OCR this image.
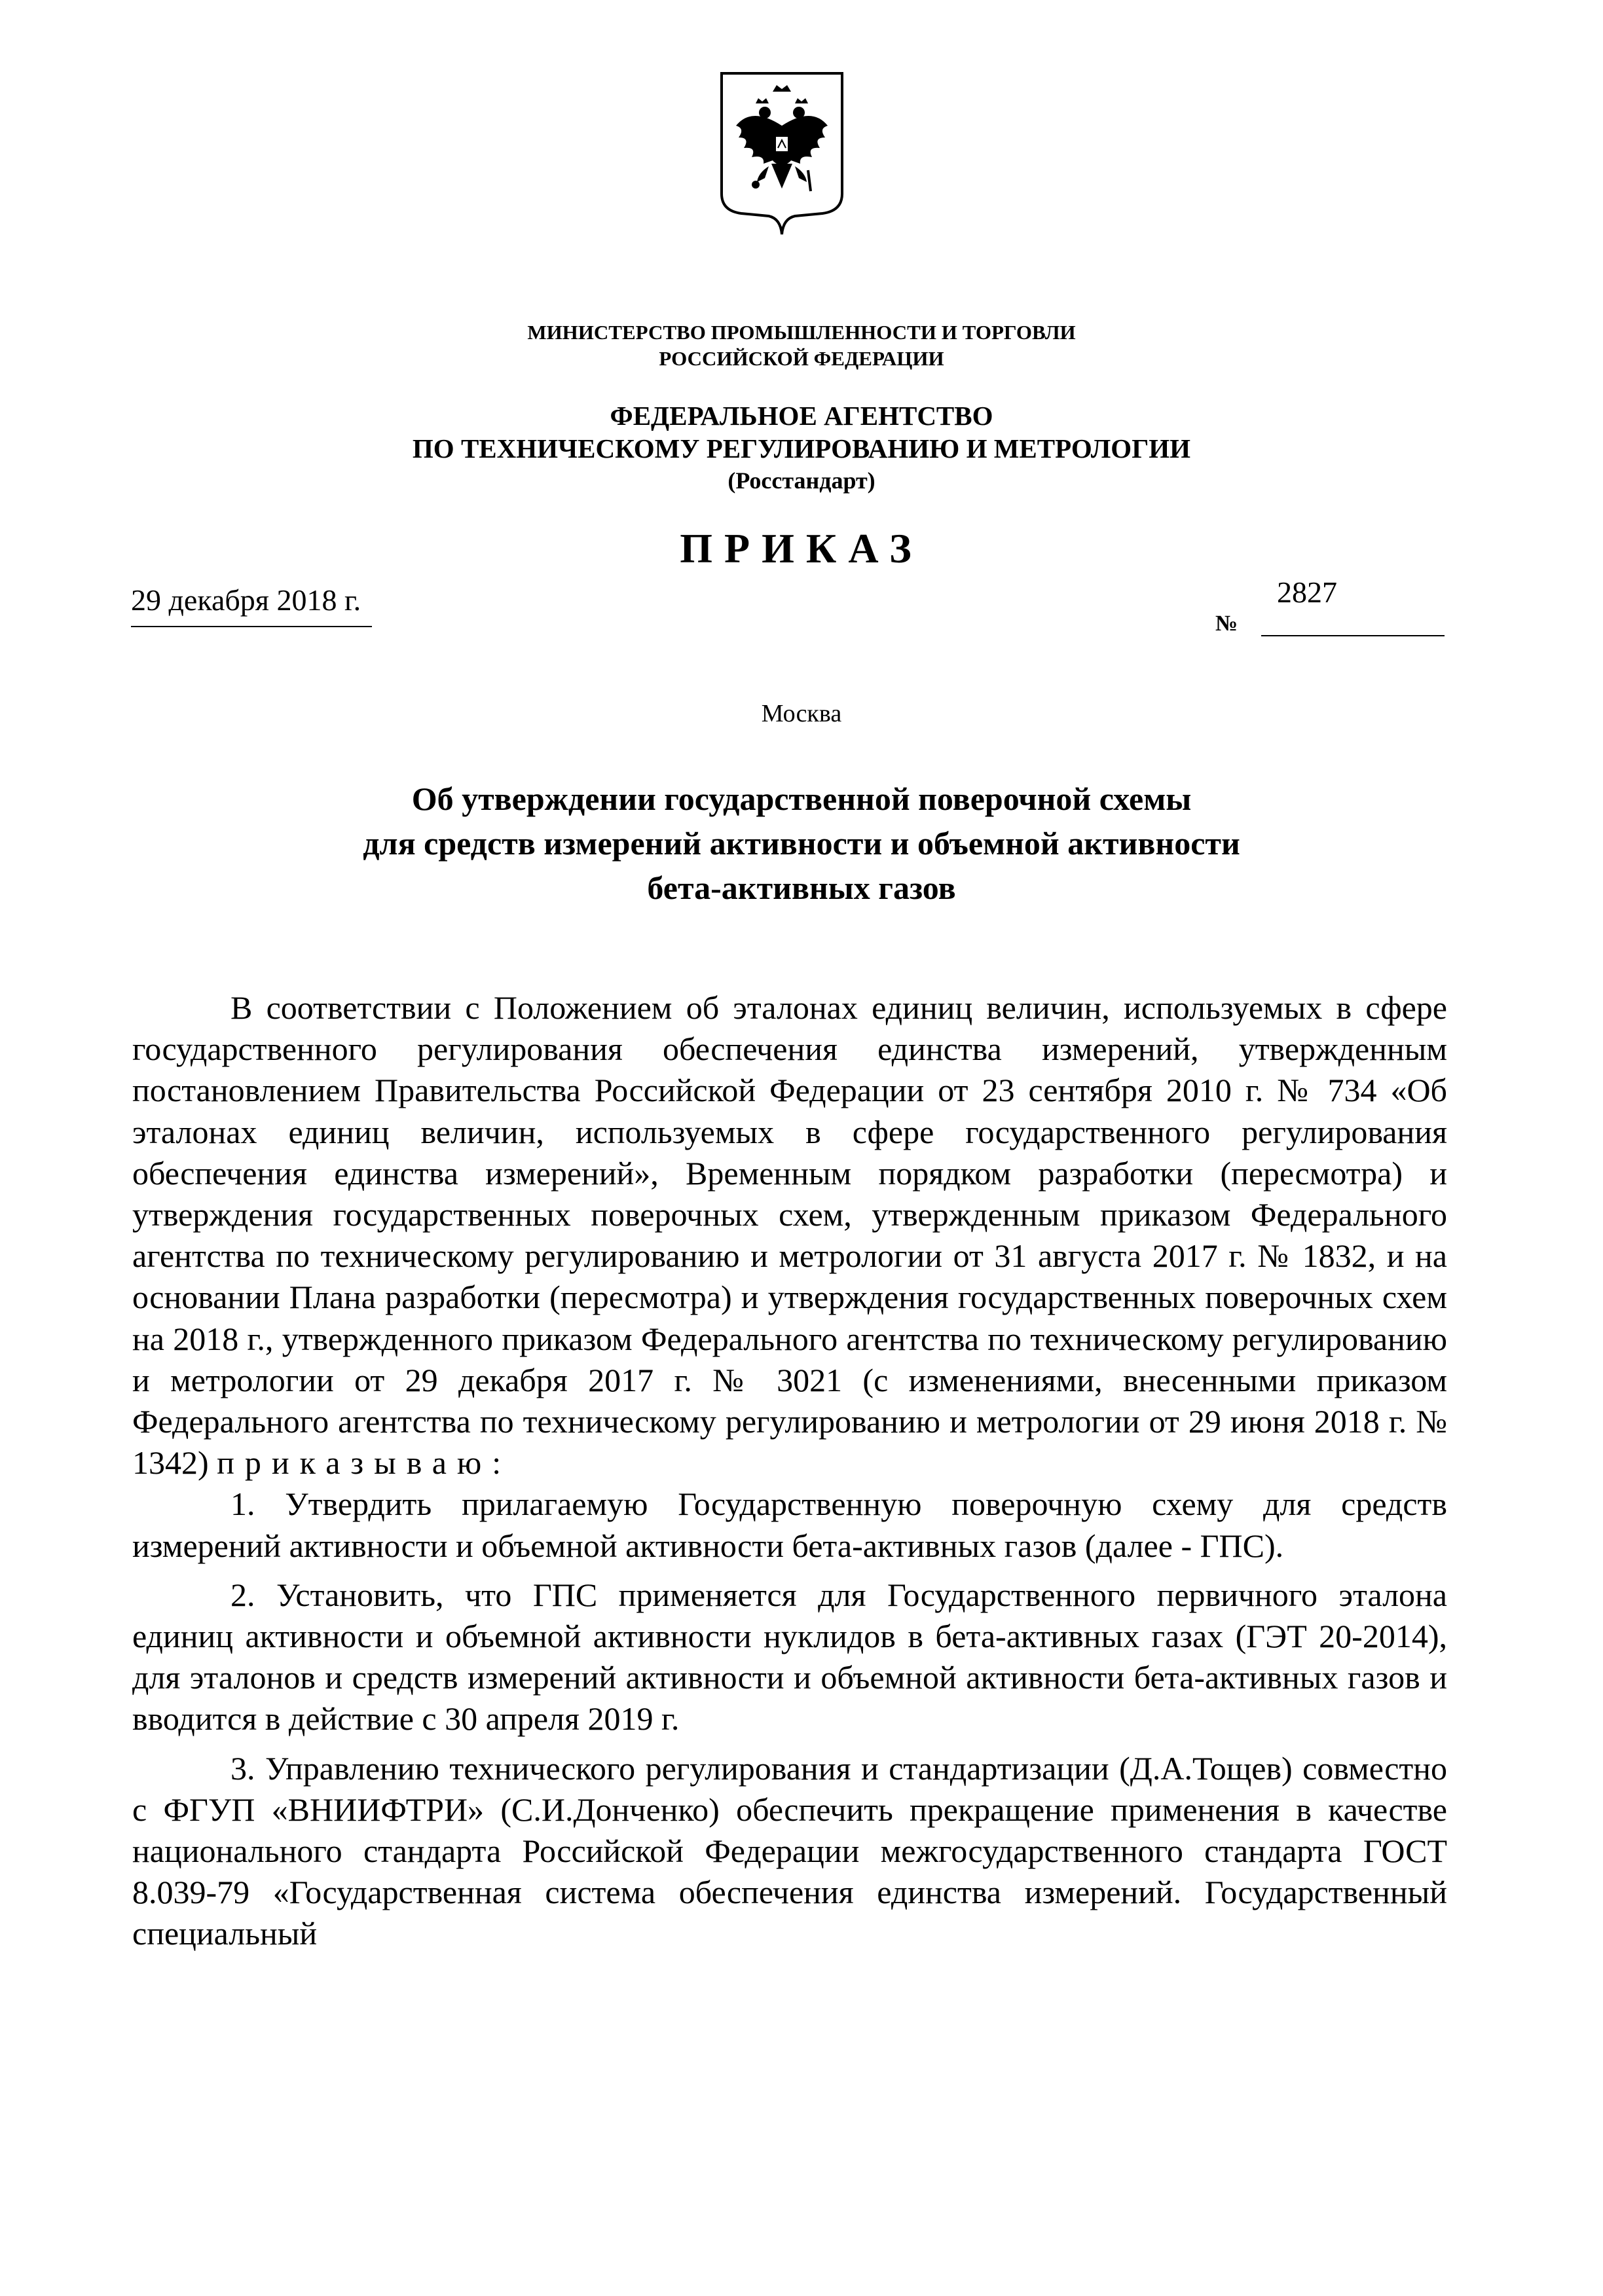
МИНИСТЕРСТВО ПРОМЫШЛЕННОСТИ И ТОРГОВЛИ
РОССИЙСКОЙ ФЕДЕРАЦИИ
ФЕДЕРАЛЬНОЕ АГЕНТСТВО
ПО ТЕХНИЧЕСКОМУ РЕГУЛИРОВАНИЮ И МЕТРОЛОГИИ
(Росстандарт)
ПРИКАЗ
29 декабря 2018 г.
№
2827
Москва
Об утверждении государственной поверочной схемы
для средств измерений активности и объемной активности
бета-активных газов

В соответствии с Положением об эталонах единиц величин, используемых в сфере государственного регулирования обеспечения единства измерений, утвержденным постановлением Правительства Российской Федерации от 23 сентября 2010 г. № 734 «Об эталонах единиц величин, используемых в сфере государственного регулирования обеспечения единства измерений», Временным порядком разработки (пересмотра) и утверждения государственных поверочных схем, утвержденным приказом Федерального агентства по техническому регулированию и метрологии от 31 августа 2017 г. № 1832, и на основании Плана разработки (пересмотра) и утверждения государственных поверочных схем на 2018 г., утвержденного приказом Федерального агентства по техническому регулированию и метрологии от 29 декабря 2017 г. № 3021 (с изменениями, внесенными приказом Федерального агентства по техническому регулированию и метрологии от 29 июня 2018 г. № 1342) приказываю:

1. Утвердить прилагаемую Государственную поверочную схему для средств измерений активности и объемной активности бета-активных газов (далее - ГПС).

2. Установить, что ГПС применяется для Государственного первичного эталона единиц активности и объемной активности нуклидов в бета-активных газах (ГЭТ 20-2014), для эталонов и средств измерений активности и объемной активности бета-активных газов и вводится в действие с 30 апреля 2019 г.

3. Управлению технического регулирования и стандартизации (Д.А.Тощев) совместно с ФГУП «ВНИИФТРИ» (С.И.Донченко) обеспечить прекращение применения в качестве национального стандарта Российской Федерации межгосударственного стандарта ГОСТ 8.039-79 «Государственная система обеспечения единства измерений. Государственный специальный
